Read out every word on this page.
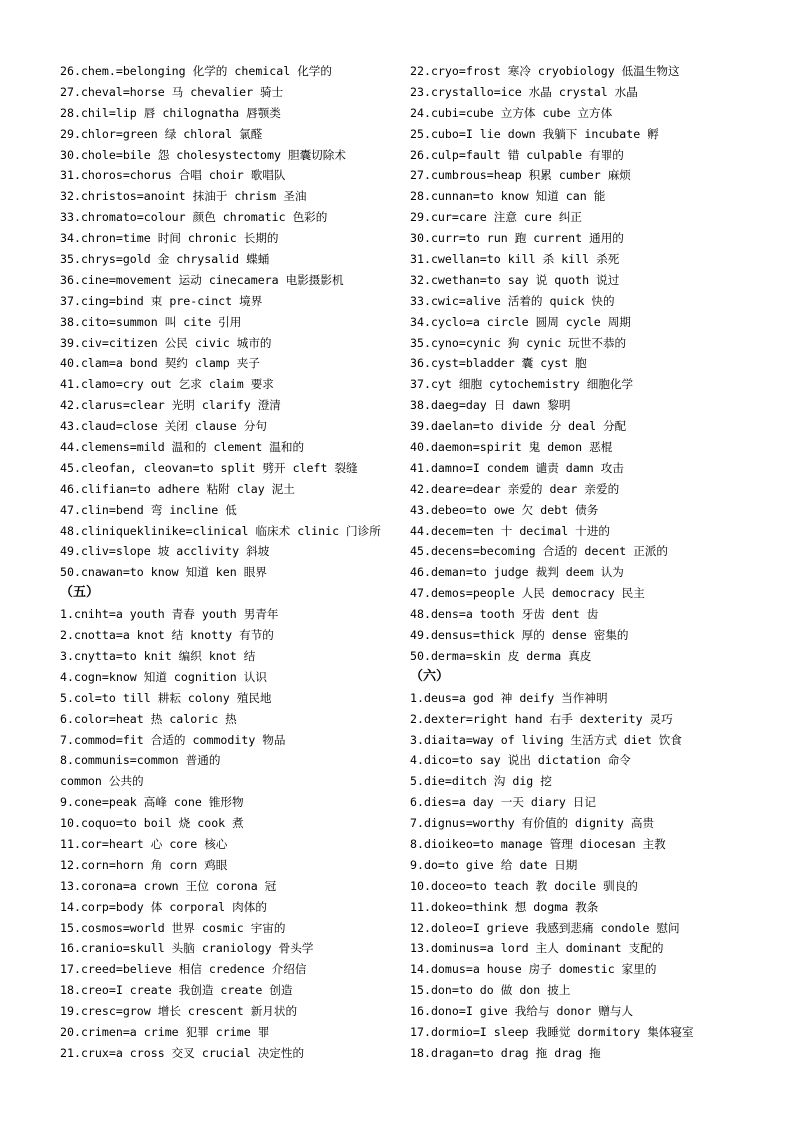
26.chem.=belonging 化学的 chemical 化学的
27.cheval=horse 马 chevalier 骑士
28.chil=lip 唇 chilognatha 唇颚类
29.chlor=green 绿 chloral 氯醛
30.chole=bile 怨 cholesystectomy 胆囊切除术
31.choros=chorus 合唱 choir 歌唱队
32.christos=anoint 抹油于 chrism 圣油
33.chromato=colour 颜色 chromatic 色彩的
34.chron=time 时间 chronic 长期的
35.chrys=gold 金 chrysalid 蝶蛹
36.cine=movement 运动 cinecamera 电影摄影机
37.cing=bind 束 pre-cinct 境界
38.cito=summon 叫 cite 引用
39.civ=citizen 公民 civic 城市的
40.clam=a bond 契约 clamp 夹子
41.clamo=cry out 乞求 claim 要求
42.clarus=clear 光明 clarify 澄清
43.claud=close 关闭 clause 分句
44.clemens=mild 温和的 clement 温和的
45.cleofan, cleovan=to split 劈开 cleft 裂缝
46.clifian=to adhere 粘附 clay 泥土
47.clin=bend 弯 incline 低
48.cliniqueklinike=clinical 临床术 clinic 门诊所
49.cliv=slope 坡 acclivity 斜坡
50.cnawan=to know 知道 ken 眼界
（五）
1.cniht=a youth 青春 youth 男青年
2.cnotta=a knot 结 knotty 有节的
3.cnytta=to knit 编织 knot 结
4.cogn=know 知道 cognition 认识
5.col=to till 耕耘 colony 殖民地
6.color=heat 热 caloric 热
7.commod=fit 合适的 commodity 物品
8.communis=common 普通的
common 公共的
9.cone=peak 高峰 cone 锥形物
10.coquo=to boil 烧 cook 煮
11.cor=heart 心 core 核心
12.corn=horn 角 corn 鸡眼
13.corona=a crown 王位 corona 冠
14.corp=body 体 corporal 肉体的
15.cosmos=world 世界 cosmic 宇宙的
16.cranio=skull 头脑 craniology 骨头学
17.creed=believe 相信 credence 介绍信
18.creo=I create 我创造 create 创造
19.cresc=grow 增长 crescent 新月状的
20.crimen=a crime 犯罪 crime 罪
21.crux=a cross 交叉 crucial 决定性的
22.cryo=frost 寒冷 cryobiology 低温生物这
23.crystallo=ice 水晶 crystal 水晶
24.cubi=cube 立方体 cube 立方体
25.cubo=I lie down 我躺下 incubate 孵
26.culp=fault 错 culpable 有罪的
27.cumbrous=heap 积累 cumber 麻烦
28.cunnan=to know 知道 can 能
29.cur=care 注意 cure 纠正
30.curr=to run 跑 current 通用的
31.cwellan=to kill 杀 kill 杀死
32.cwethan=to say 说 quoth 说过
33.cwic=alive 活着的 quick 快的
34.cyclo=a circle 圆周 cycle 周期
35.cyno=cynic 狗 cynic 玩世不恭的
36.cyst=bladder 囊 cyst 胞
37.cyt 细胞 cytochemistry 细胞化学
38.daeg=day 日 dawn 黎明
39.daelan=to divide 分 deal 分配
40.daemon=spirit 鬼 demon 恶棍
41.damno=I condem 谴责 damn 攻击
42.deare=dear 亲爱的 dear 亲爱的
43.debeo=to owe 欠 debt 债务
44.decem=ten 十 decimal 十进的
45.decens=becoming 合适的 decent 正派的
46.deman=to judge 裁判 deem 认为
47.demos=people 人民 democracy 民主
48.dens=a tooth 牙齿 dent 齿
49.densus=thick 厚的 dense 密集的
50.derma=skin 皮 derma 真皮
（六）
1.deus=a god 神 deify 当作神明
2.dexter=right hand 右手 dexterity 灵巧
3.diaita=way of living 生活方式 diet 饮食
4.dico=to say 说出 dictation 命令
5.die=ditch 沟 dig 挖
6.dies=a day 一天 diary 日记
7.dignus=worthy 有价值的 dignity 高贵
8.dioikeo=to manage 管理 diocesan 主教
9.do=to give 给 date 日期
10.doceo=to teach 教 docile 驯良的
11.dokeo=think 想 dogma 教条
12.doleo=I grieve 我感到悲痛 condole 慰问
13.dominus=a lord 主人 dominant 支配的
14.domus=a house 房子 domestic 家里的
15.don=to do 做 don 披上
16.dono=I give 我给与 donor 赠与人
17.dormio=I sleep 我睡觉 dormitory 集体寝室
18.dragan=to drag 拖 drag 拖
